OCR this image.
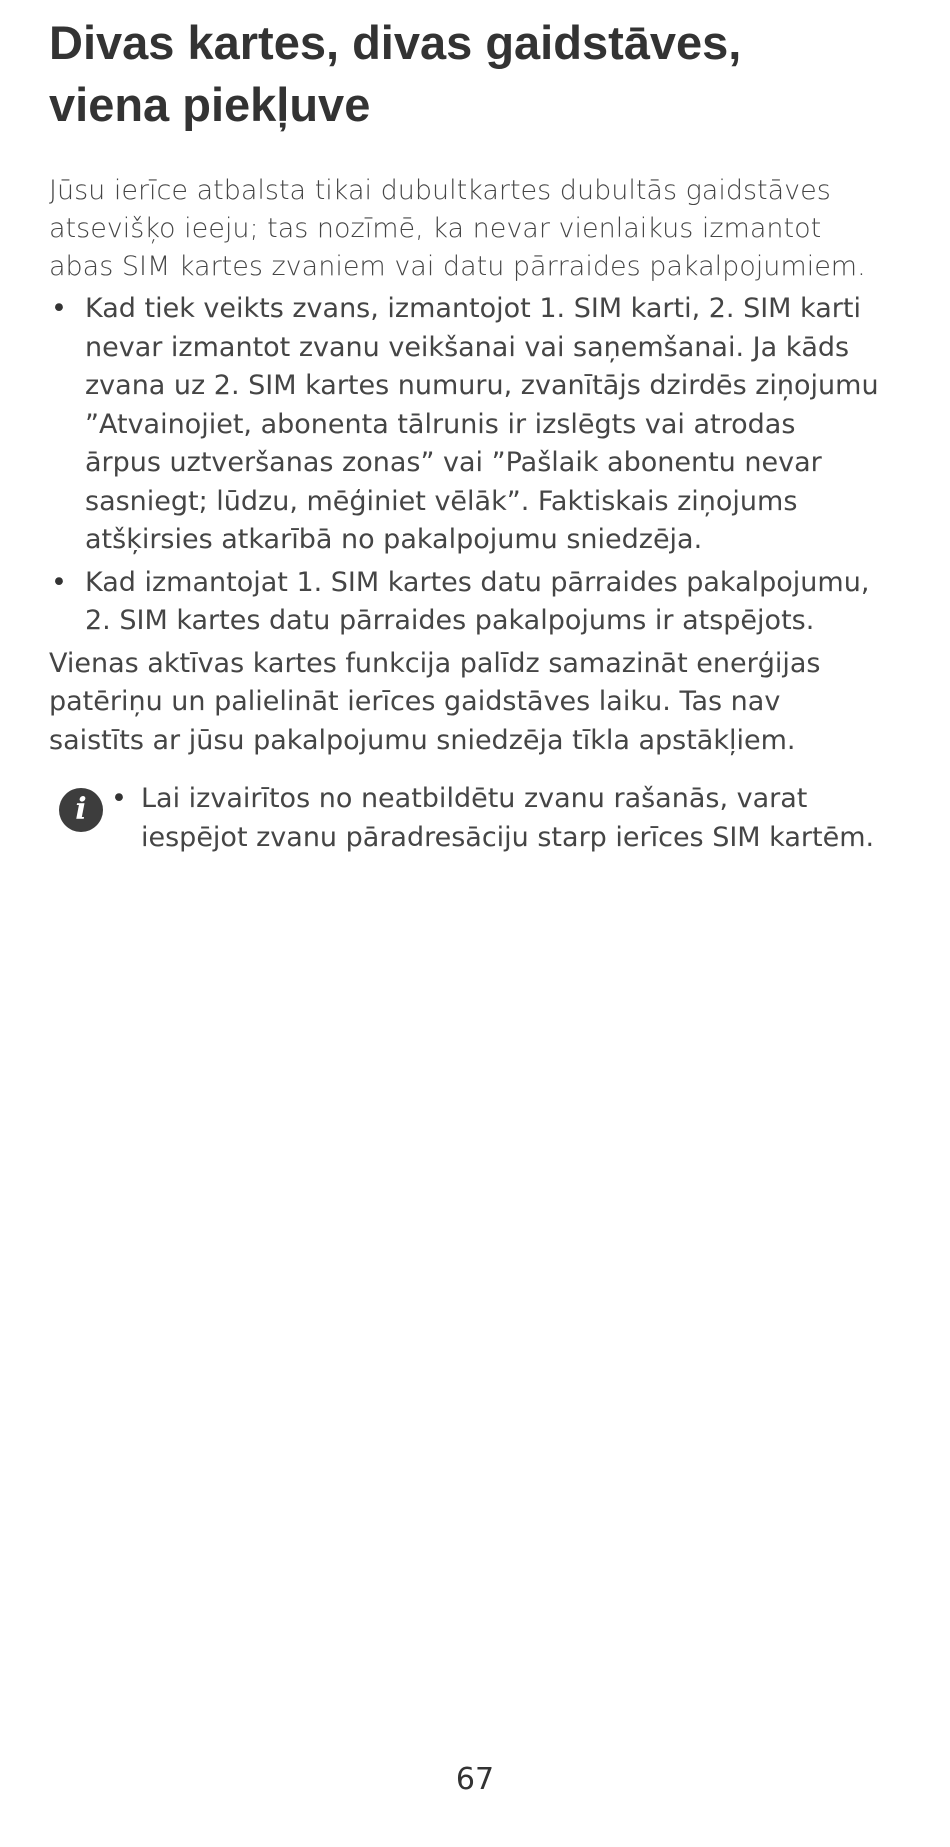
Divas kartes, divas gaidstāves,
viena piekļuve

Jūsu ierīce atbalsta tikai dubultkartes dubultās gaidstāves atsevišķo ieeju; tas nozīmē, ka nevar vienlaikus izmantot abas SIM kartes zvaniem vai datu pārraides pakalpojumiem.

• Kad tiek veikts zvans, izmantojot 1. SIM karti, 2. SIM karti nevar izmantot zvanu veikšanai vai saņemšanai. Ja kāds zvana uz 2. SIM kartes numuru, zvanītājs dzirdēs ziņojumu ”Atvainojiet, abonenta tālrunis ir izslēgts vai atrodas ārpus uztveršanas zonas” vai ”Pašlaik abonentu nevar sasniegt; lūdzu, mēģiniet vēlāk”. Faktiskais ziņojums atšķirsies atkarībā no pakalpojumu sniedzēja.
• Kad izmantojat 1. SIM kartes datu pārraides pakalpojumu, 2. SIM kartes datu pārraides pakalpojums ir atspējots.

Vienas aktīvas kartes funkcija palīdz samazināt enerģijas patēriņu un palielināt ierīces gaidstāves laiku. Tas nav saistīts ar jūsu pakalpojumu sniedzēja tīkla apstākļiem.

i • Lai izvairītos no neatbildētu zvanu rašanās, varat iespējot zvanu pāradresāciju starp ierīces SIM kartēm.
67
